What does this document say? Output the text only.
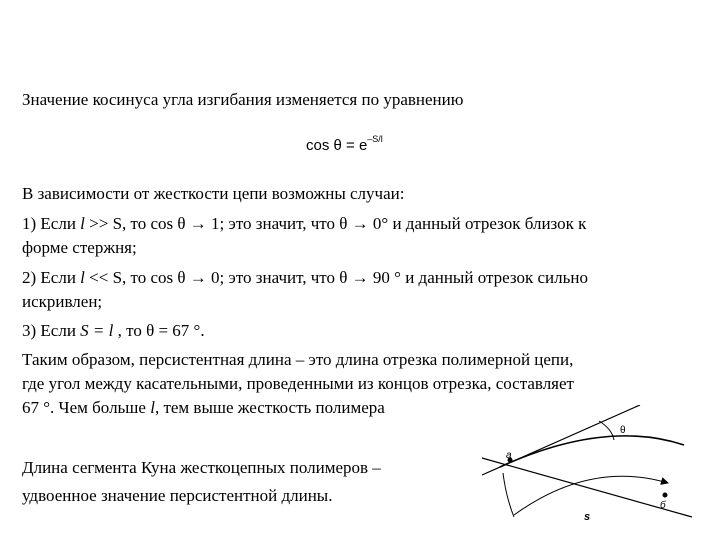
Значение косинуса угла изгибания изменяется по уравнению
$\cos \theta = e^{-S/l}$
В зависимости от жесткости цепи возможны случаи:
1) Если l >> S, то cos θ → 1; это значит, что θ → 0° и данный отрезок близок к
форме стержня;
2) Если l << S, то cos θ → 0; это значит, что θ → 90 ° и данный отрезок сильно
искривлен;
3) Если S = l , то θ = 67 °.
Таким образом, персистентная длина – это длина отрезка полимерной цепи,
где угол между касательными, проведенными из концов отрезка, составляет
67 °. Чем больше l, тем выше жесткость полимера
Длина сегмента Куна жесткоцепных полимеров –
удвоенное значение персистентной длины.
θ
a
б
s
